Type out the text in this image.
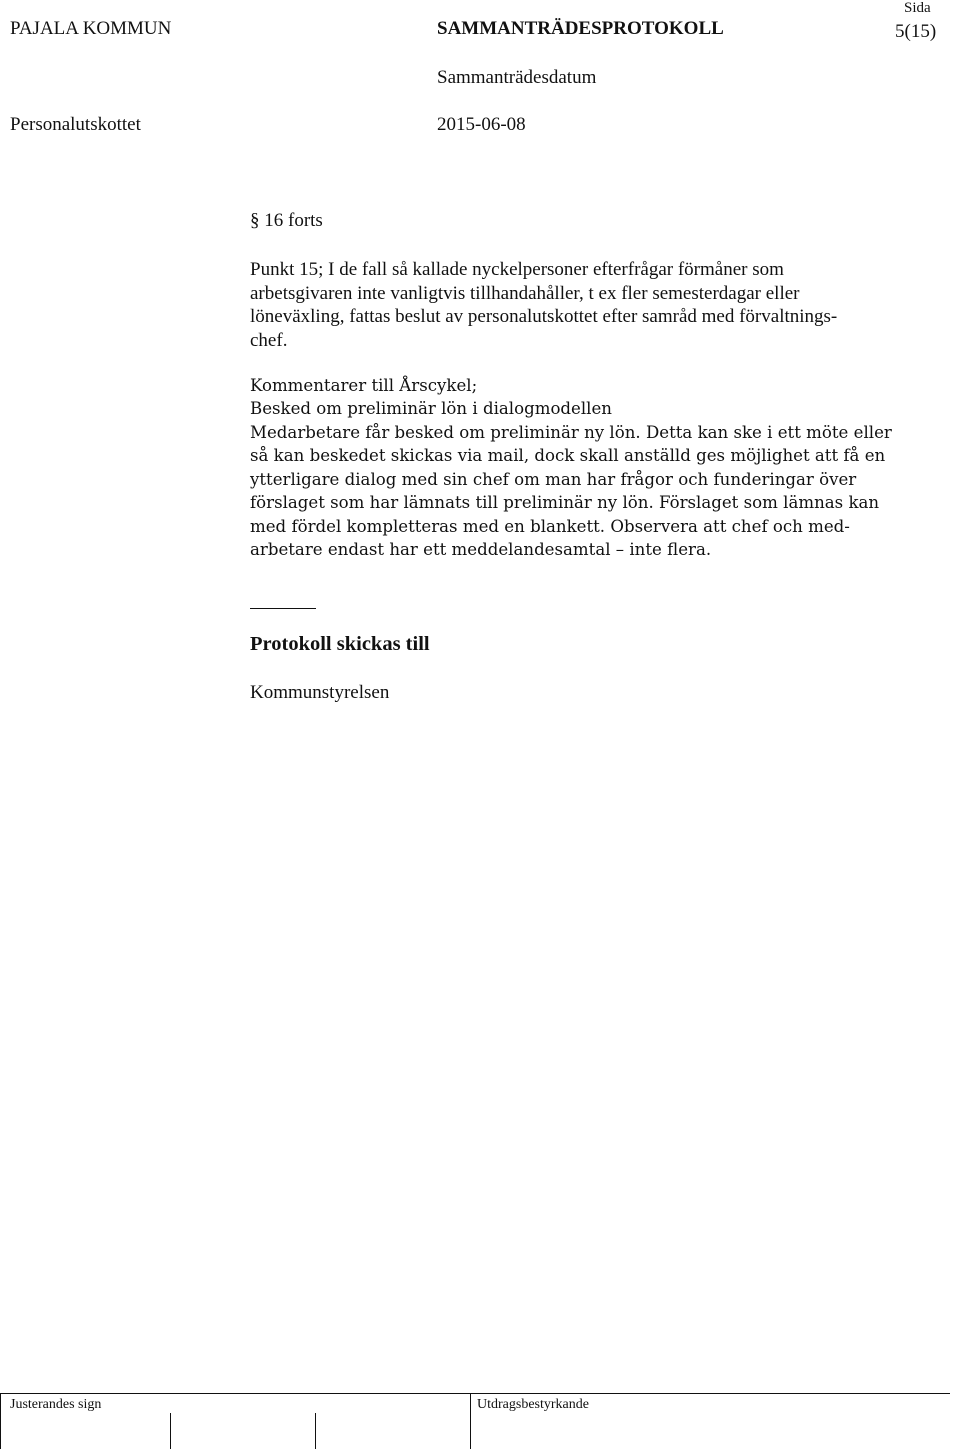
PAJALA KOMMUN	SAMMANTRÄDESPROTOKOLL
Sida
5(15)
Sammanträdesdatum
Personalutskottet	2015-06-08
§ 16 forts
Punkt 15; I de fall så kallade nyckelpersoner efterfrågar förmåner som
arbetsgivaren inte vanligtvis tillhandahåller, t ex fler semesterdagar eller
löneväxling, fattas beslut av personalutskottet efter samråd med förvaltnings-
chef.
Kommentarer till Årscykel;
Besked om preliminär lön i dialogmodellen
Medarbetare får besked om preliminär ny lön. Detta kan ske i ett möte eller
så kan beskedet skickas via mail, dock skall anställd ges möjlighet att få en
ytterligare dialog med sin chef om man har frågor och funderingar över
förslaget som har lämnats till preliminär ny lön. Förslaget som lämnas kan
med fördel kompletteras med en blankett. Observera att chef och med-
arbetare endast har ett meddelandesamtal – inte flera.
Protokoll skickas till
Kommunstyrelsen
Justerandes sign	Utdragsbestyrkande
